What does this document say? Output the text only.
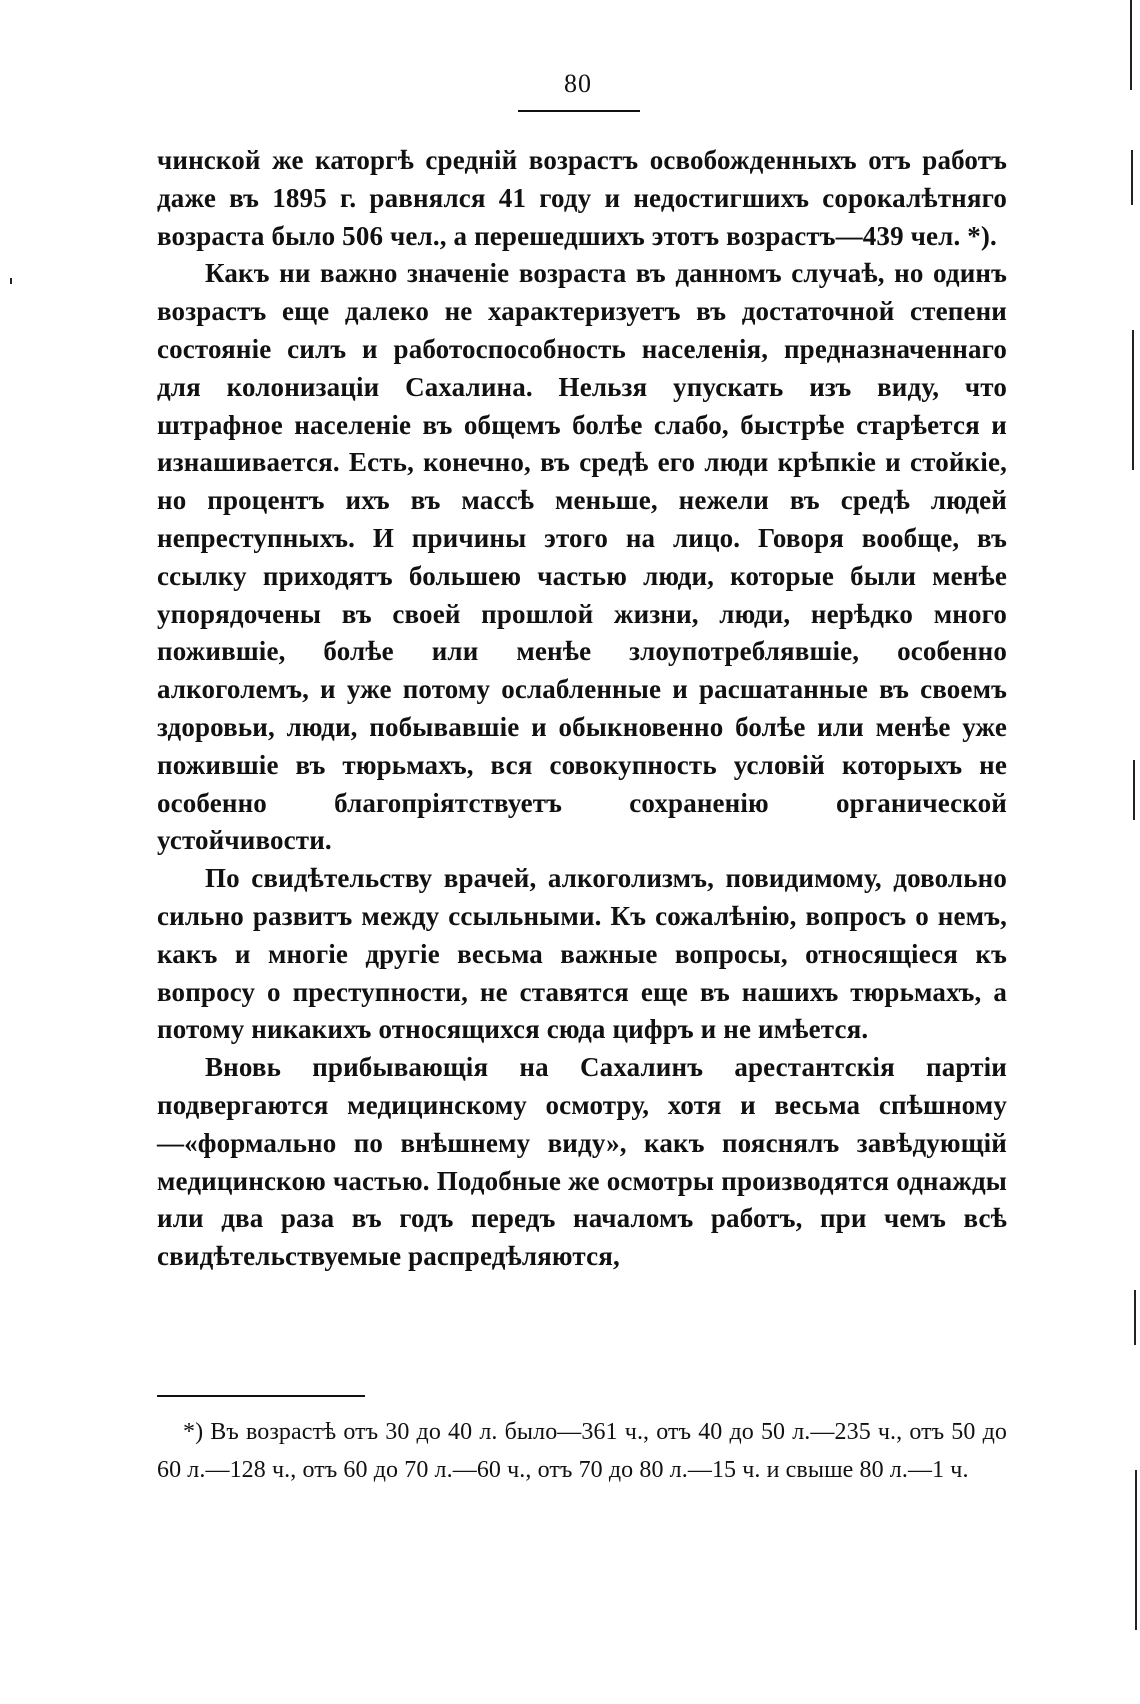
80

чинской же каторгѣ средній возрастъ освобожденныхъ отъ работъ даже въ 1895 г. равнялся 41 году и недостигшихъ сорокалѣтняго возраста было 506 чел., а перешедшихъ этотъ возрастъ—439 чел. *).

Какъ ни важно значеніе возраста въ данномъ случаѣ, но одинъ возрастъ еще далеко не характеризуетъ въ достаточной степени состояніе силъ и работоспособность населенія, предназначеннаго для колонизаціи Сахалина. Нельзя упускать изъ виду, что штрафное населеніе въ общемъ болѣе слабо, быстрѣе старѣется и изнашивается. Есть, конечно, въ средѣ его люди крѣпкіе и стойкіе, но процентъ ихъ въ массѣ меньше, нежели въ средѣ людей непреступныхъ. И причины этого на лицо. Говоря вообще, въ ссылку приходятъ большею частью люди, которые были менѣе упорядочены въ своей прошлой жизни, люди, нерѣдко много пожившіе, болѣе или менѣе злоупотреблявшіе, особенно алкоголемъ, и уже потому ослабленные и расшатанные въ своемъ здоровьи, люди, побывавшіе и обыкновенно болѣе или менѣе уже пожившіе въ тюрьмахъ, вся совокупность условій которыхъ не особенно благопріятствуетъ сохраненію органической устойчивости.

По свидѣтельству врачей, алкоголизмъ, повидимому, довольно сильно развитъ между ссыльными. Къ сожалѣнію, вопросъ о немъ, какъ и многіе другіе весьма важные вопросы, относящіеся къ вопросу о преступности, не ставятся еще въ нашихъ тюрьмахъ, а потому никакихъ относящихся сюда цифръ и не имѣется.

Вновь прибывающія на Сахалинъ арестантскія партіи подвергаются медицинскому осмотру, хотя и весьма спѣшному—«формально по внѣшнему виду», какъ пояснялъ завѣдующій медицинскою частью. Подобные же осмотры производятся однажды или два раза въ годъ передъ началомъ работъ, при чемъ всѣ свидѣтельствуемые распредѣляются,

*) Въ возрастѣ отъ 30 до 40 л. было—361 ч., отъ 40 до 50 л.—235 ч., отъ 50 до 60 л.—128 ч., отъ 60 до 70 л.—60 ч., отъ 70 до 80 л.—15 ч. и свыше 80 л.—1 ч.
